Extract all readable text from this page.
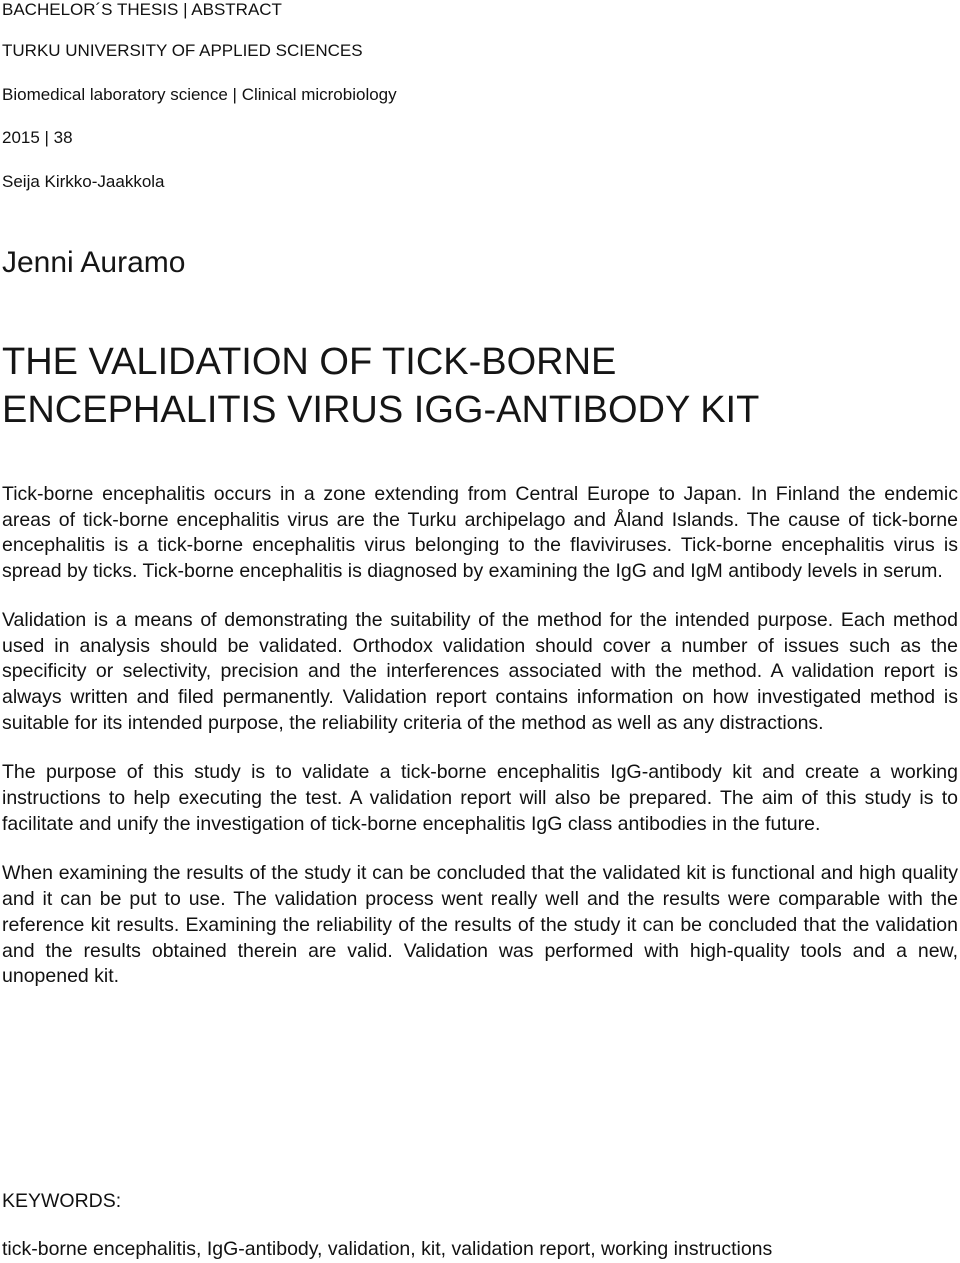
BACHELOR´S THESIS | ABSTRACT
TURKU UNIVERSITY OF APPLIED SCIENCES
Biomedical laboratory science | Clinical microbiology
2015 | 38
Seija Kirkko-Jaakkola
Jenni Auramo
THE VALIDATION OF TICK-BORNE
ENCEPHALITIS VIRUS IGG-ANTIBODY KIT

Tick-borne encephalitis occurs in a zone extending from Central Europe to Japan. In Finland the endemic areas of tick-borne encephalitis virus are the Turku archipelago and Åland Islands. The cause of tick-borne encephalitis is a tick-borne encephalitis virus belonging to the flaviviruses. Tick-borne encephalitis virus is spread by ticks. Tick-borne encephalitis is diagnosed by examining the IgG and IgM antibody levels in serum.

Validation is a means of demonstrating the suitability of the method for the intended purpose. Each method used in analysis should be validated. Orthodox validation should cover a number of issues such as the specificity or selectivity, precision and the interferences associated with the method. A validation report is always written and filed permanently. Validation report contains information on how investigated method is suitable for its intended purpose, the reliability criteria of the method as well as any distractions.

The purpose of this study is to validate a tick-borne encephalitis IgG-antibody kit and create a working instructions to help executing the test. A validation report will also be prepared. The aim of this study is to facilitate and unify the investigation of tick-borne encephalitis IgG class antibodies in the future.

When examining the results of the study it can be concluded that the validated kit is functional and high quality and it can be put to use. The validation process went really well and the results were comparable with the reference kit results. Examining the reliability of the results of the study it can be concluded that the validation and the results obtained therein are valid. Validation was performed with high-quality tools and a new, unopened kit.

KEYWORDS:
tick-borne encephalitis, IgG-antibody, validation, kit, validation report, working instructions
